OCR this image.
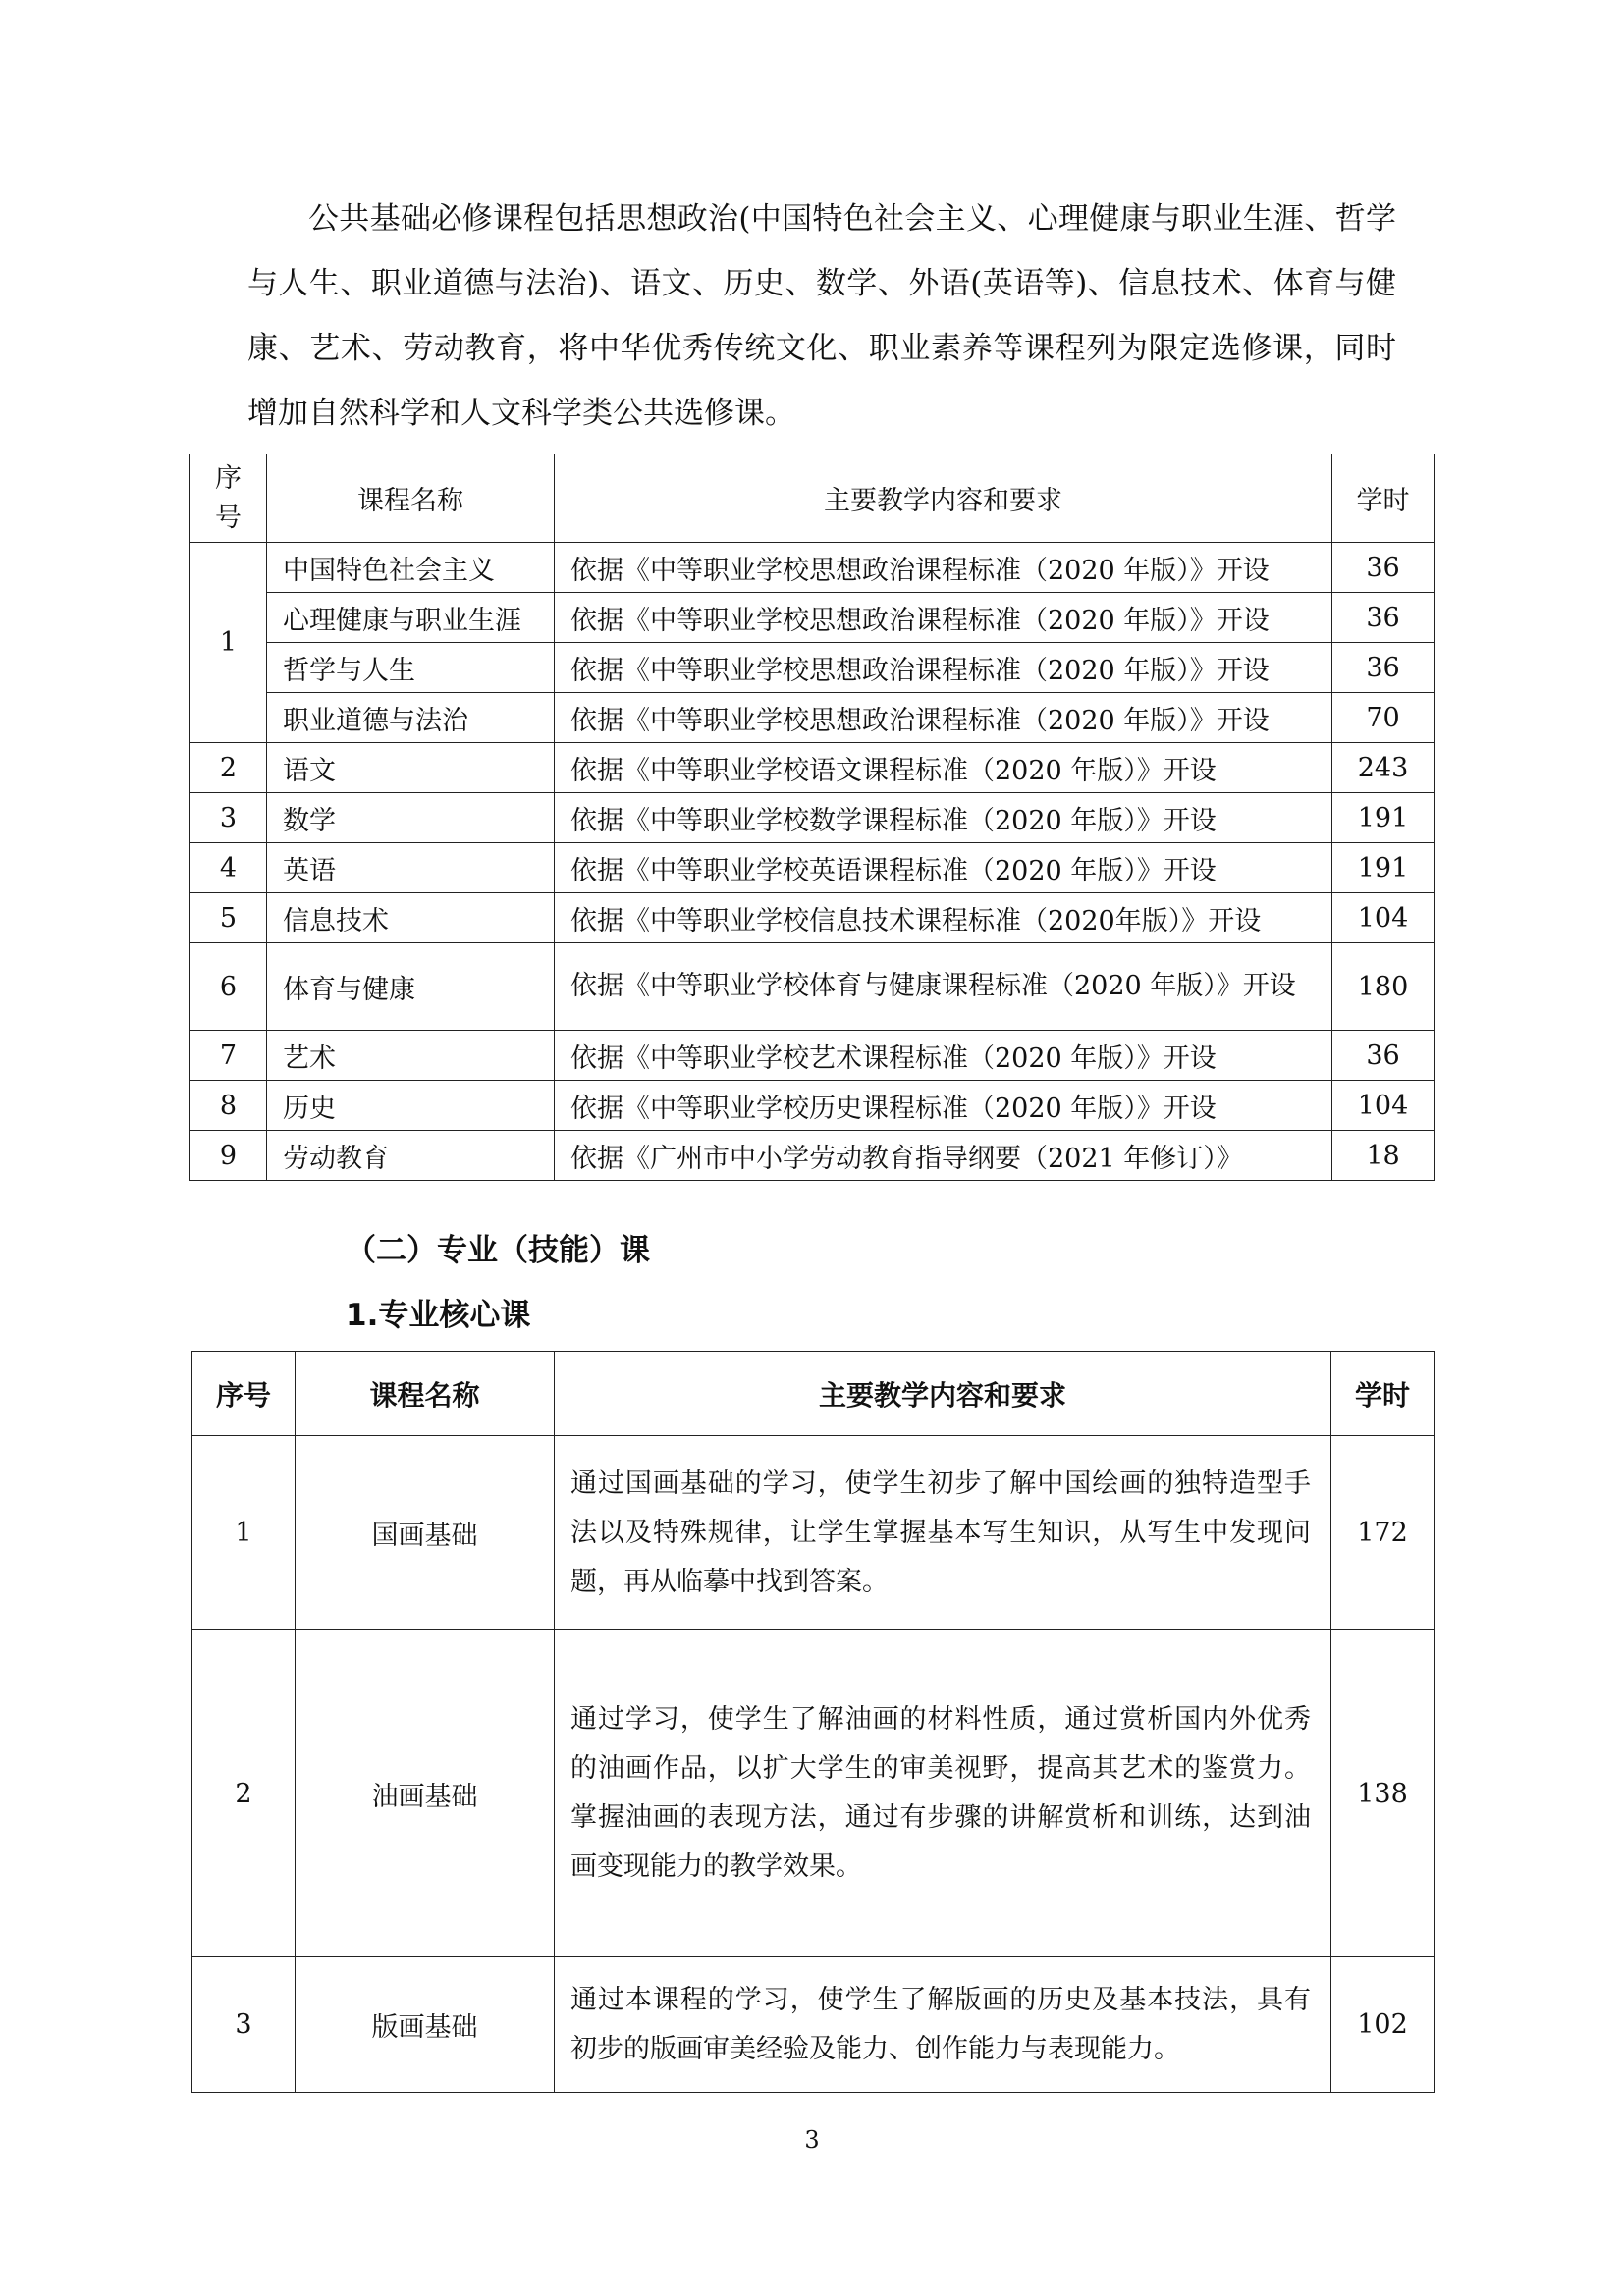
公共基础必修课程包括思想政治(中国特色社会主义、心理健康与职业生涯、哲学与人生、职业道德与法治)、语文、历史、数学、外语(英语等)、信息技术、体育与健康、艺术、劳动教育，将中华优秀传统文化、职业素养等课程列为限定选修课，同时增加自然科学和人文科学类公共选修课。

序号	课程名称	主要教学内容和要求	学时
1	中国特色社会主义	依据《中等职业学校思想政治课程标准（2020 年版）》开设	36
	心理健康与职业生涯	依据《中等职业学校思想政治课程标准（2020 年版）》开设	36
	哲学与人生	依据《中等职业学校思想政治课程标准（2020 年版）》开设	36
	职业道德与法治	依据《中等职业学校思想政治课程标准（2020 年版）》开设	70
2	语文	依据《中等职业学校语文课程标准（2020 年版）》开设	243
3	数学	依据《中等职业学校数学课程标准（2020 年版）》开设	191
4	英语	依据《中等职业学校英语课程标准（2020 年版）》开设	191
5	信息技术	依据《中等职业学校信息技术课程标准（2020年版）》开设	104
6	体育与健康	依据《中等职业学校体育与健康课程标准（2020 年版）》开设	180
7	艺术	依据《中等职业学校艺术课程标准（2020 年版）》开设	36
8	历史	依据《中等职业学校历史课程标准（2020 年版）》开设	104
9	劳动教育	依据《广州市中小学劳动教育指导纲要（2021 年修订）》	18

（二）专业（技能）课

1.专业核心课

序号	课程名称	主要教学内容和要求	学时
1	国画基础	通过国画基础的学习，使学生初步了解中国绘画的独特造型手法以及特殊规律，让学生掌握基本写生知识，从写生中发现问题，再从临摹中找到答案。	172
2	油画基础	通过学习，使学生了解油画的材料性质，通过赏析国内外优秀的油画作品，以扩大学生的审美视野，提高其艺术的鉴赏力。掌握油画的表现方法，通过有步骤的讲解赏析和训练，达到油画变现能力的教学效果。	138
3	版画基础	通过本课程的学习，使学生了解版画的历史及基本技法，具有初步的版画审美经验及能力、创作能力与表现能力。	102
3
